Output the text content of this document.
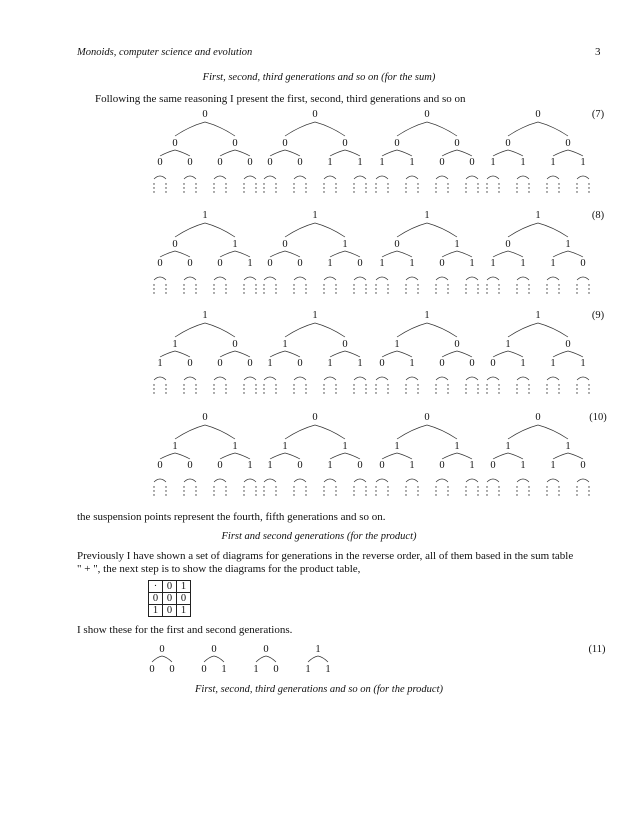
Monoids, computer science and evolution	3
First, second, third generations and so on (for the sum)
Following the same reasoning I present the first, second, third generations and so on
(7)
0
0
0 0
0
0 0
0
0
0 0
0
1 1
0
0
1 1
0
0 0
0
0
1 1
0
1 1
(8)
1
0
0 0
1
0 1
1
0
0 0
1
1 0
1
0
1 1
1
0 1
1
0
1 1
1
1 0
(9)
1
1
1 0
0
0 0
1
1
1 0
0
1 1
1
1
0 1
0
0 0
1
1
0 1
0
1 1
(10)
0
1
0 0
1
0 1
0
1
1 0
1
1 0
0
1
0 1
1
0 1
0
1
0 1
1
1 0
the suspension points represent the fourth, fifth generations and so on.
First and second generations (for the product)
Previously I have shown a set of diagrams for generations in the reverse order, all of them based in the sum table
" + ", the next step is to show the diagrams for the product table,
·	0	1
0	0	0
1	0	1
I show these for the first and second generations.
(11)
0
0 0
0
0 1
0
1 0
1
1 1
First, second, third generations and so on (for the product)
